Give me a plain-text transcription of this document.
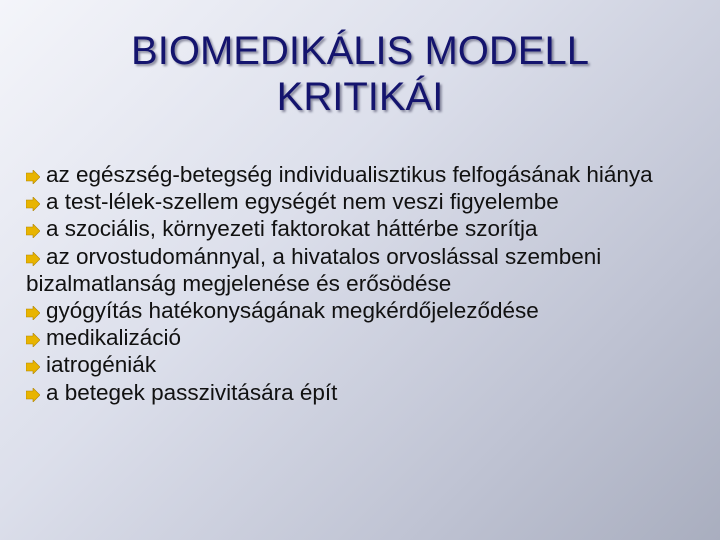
BIOMEDIKÁLIS MODELL
KRITIKÁI
az egészség-betegség individualisztikus felfogásának hiánya
a test-lélek-szellem egységét nem veszi figyelembe
a szociális, környezeti faktorokat háttérbe szorítja
az orvostudománnyal, a hivatalos orvoslással szembeni bizalmatlanság megjelenése és erősödése
gyógyítás hatékonyságának megkérdőjeleződése
medikalizáció
iatrogéniák
a betegek passzivitására épít
